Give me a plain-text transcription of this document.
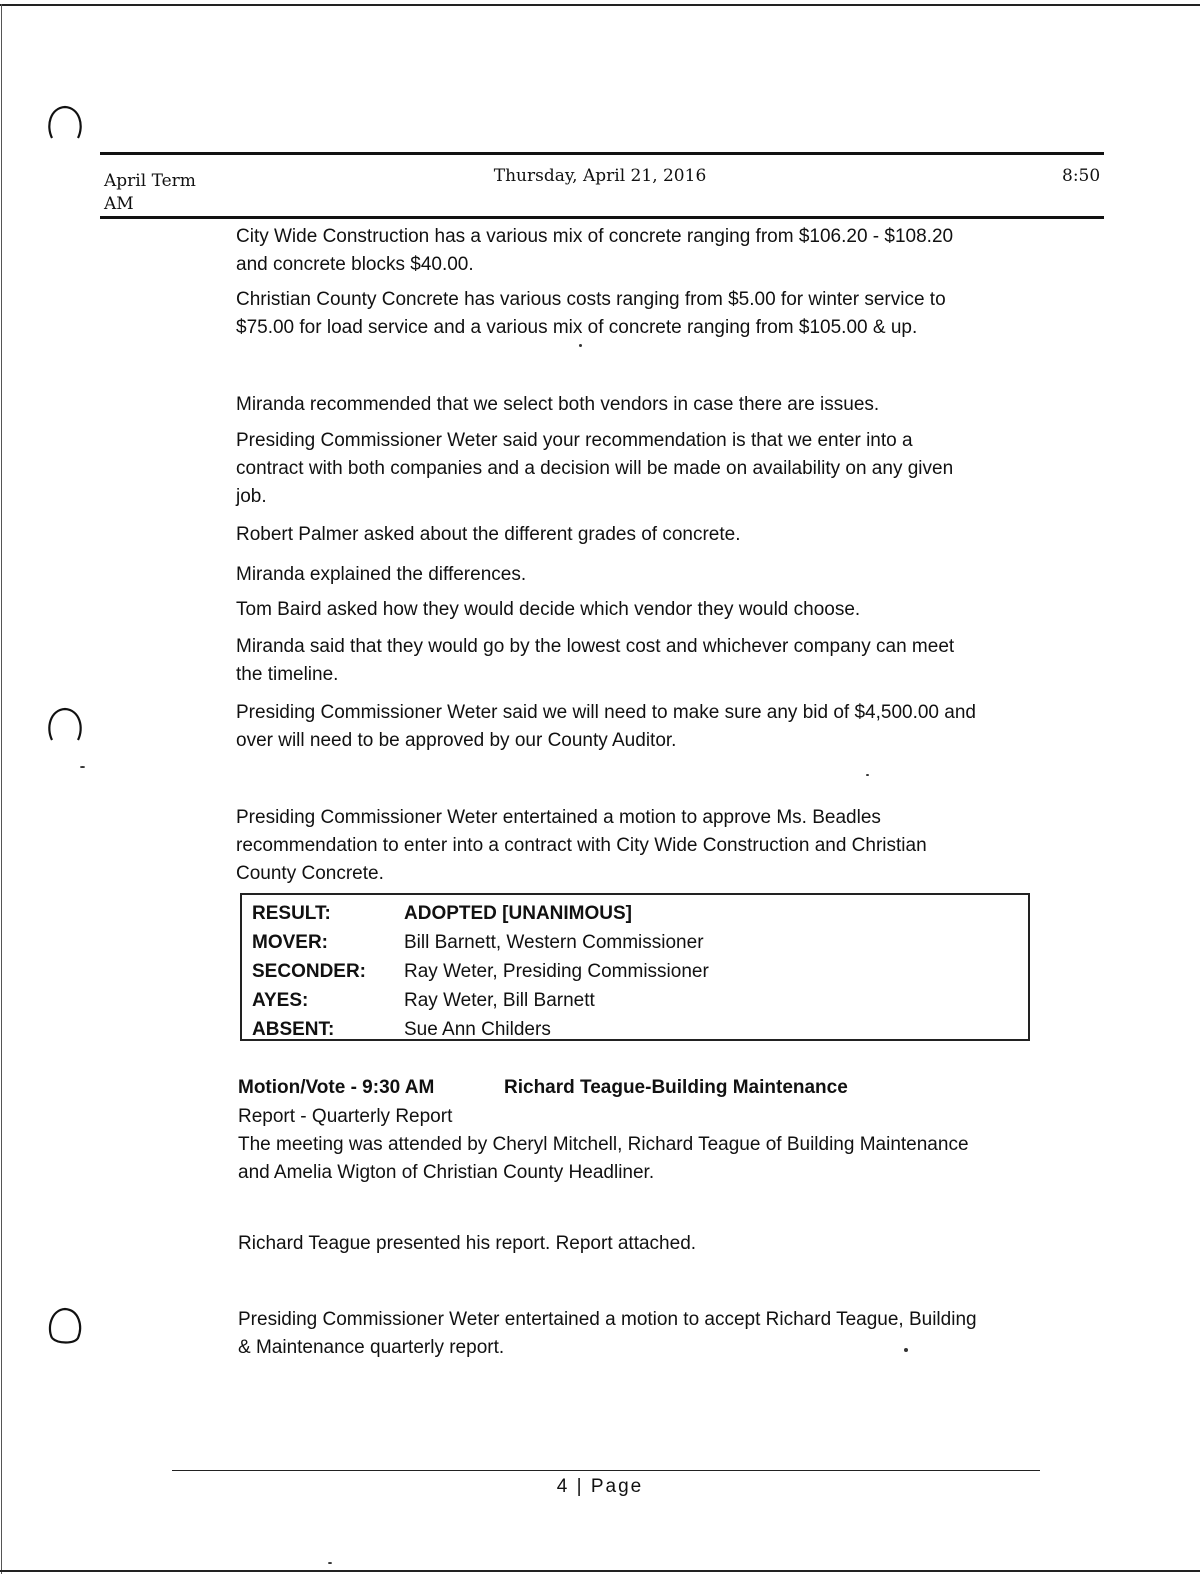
April Term
AM
Thursday, April 21, 2016	8:50

City Wide Construction has a various mix of concrete ranging from $106.20 - $108.20
and concrete blocks $40.00.

Christian County Concrete has various costs ranging from $5.00 for winter service to
$75.00 for load service and a various mix of concrete ranging from $105.00 & up.

Miranda recommended that we select both vendors in case there are issues.

Presiding Commissioner Weter said your recommendation is that we enter into a
contract with both companies and a decision will be made on availability on any given
job.

Robert Palmer asked about the different grades of concrete.

Miranda explained the differences.

Tom Baird asked how they would decide which vendor they would choose.

Miranda said that they would go by the lowest cost and whichever company can meet
the timeline.

Presiding Commissioner Weter said we will need to make sure any bid of $4,500.00 and
over will need to be approved by our County Auditor.

Presiding Commissioner Weter entertained a motion to approve Ms. Beadles
recommendation to enter into a contract with City Wide Construction and Christian
County Concrete.

RESULT:	ADOPTED [UNANIMOUS]
MOVER:	Bill Barnett, Western Commissioner
SECONDER: Ray Weter, Presiding Commissioner
AYES:	Ray Weter, Bill Barnett
ABSENT:	Sue Ann Childers
Motion/Vote - 9:30 AM	Richard Teague-Building Maintenance

Report - Quarterly Report
The meeting was attended by Cheryl Mitchell, Richard Teague of Building Maintenance
and Amelia Wigton of Christian County Headliner.

Richard Teague presented his report. Report attached.

Presiding Commissioner Weter entertained a motion to accept Richard Teague, Building
& Maintenance quarterly report.

4 | Page
